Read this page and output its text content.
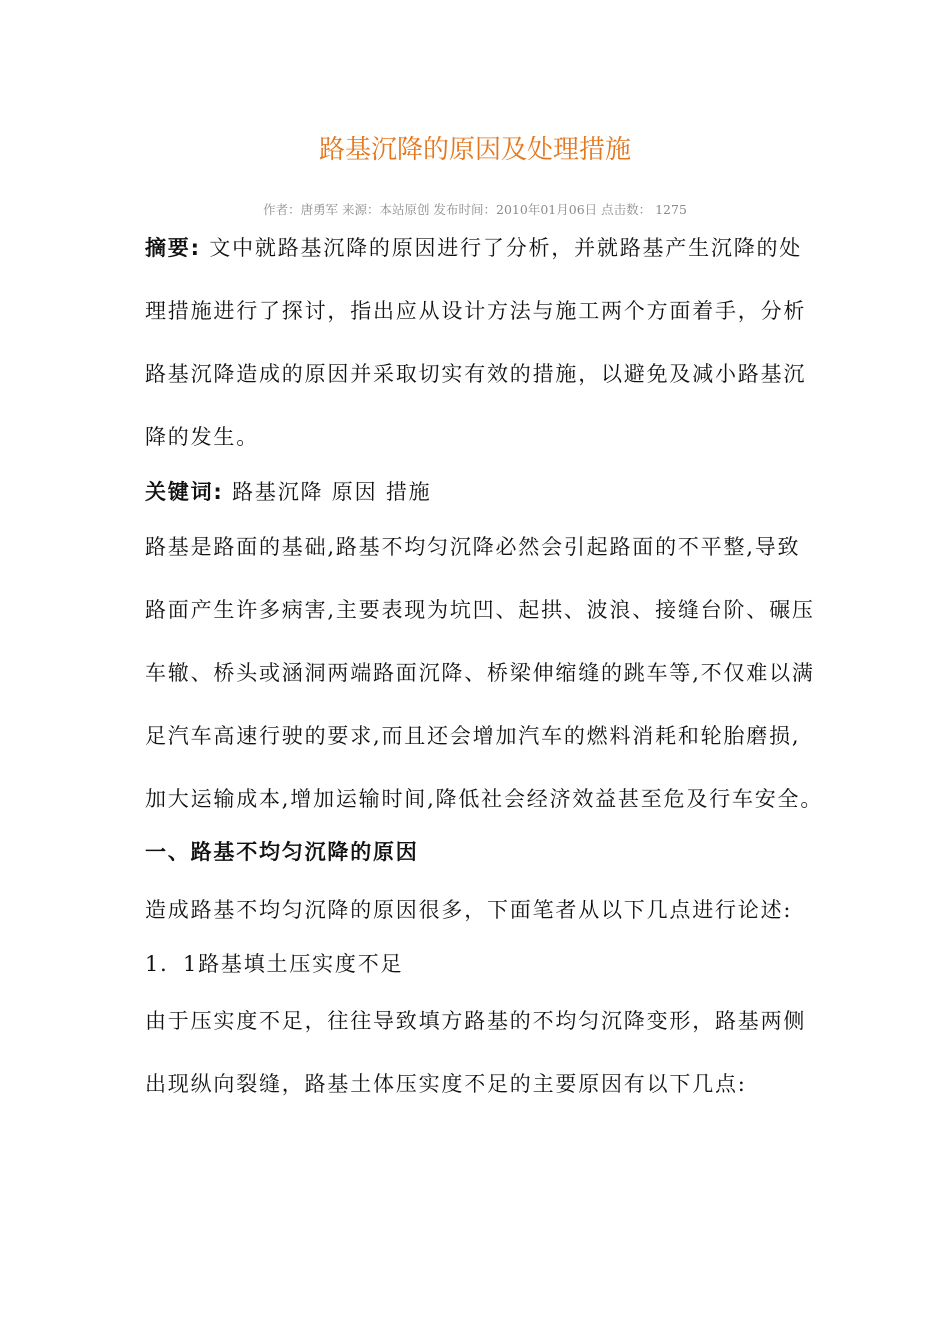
路基沉降的原因及处理措施
作者：唐勇军 来源：本站原创 发布时间：2010年01月06日 点击数： 1275
摘要: 文中就路基沉降的原因进行了分析，并就路基产生沉降的处
理措施进行了探讨，指出应从设计方法与施工两个方面着手，分析
路基沉降造成的原因并采取切实有效的措施，以避免及减小路基沉
降的发生。
关键词: 路基沉降 原因 措施
路基是路面的基础,路基不均匀沉降必然会引起路面的不平整,导致
路面产生许多病害,主要表现为坑凹、起拱、波浪、接缝台阶、碾压
车辙、桥头或涵洞两端路面沉降、桥梁伸缩缝的跳车等,不仅难以满
足汽车高速行驶的要求,而且还会增加汽车的燃料消耗和轮胎磨损,
加大运输成本,增加运输时间,降低社会经济效益甚至危及行车安全。
一、路基不均匀沉降的原因
造成路基不均匀沉降的原因很多，下面笔者从以下几点进行论述:
1．1路基填土压实度不足
由于压实度不足，往往导致填方路基的不均匀沉降变形，路基两侧
出现纵向裂缝，路基土体压实度不足的主要原因有以下几点:
